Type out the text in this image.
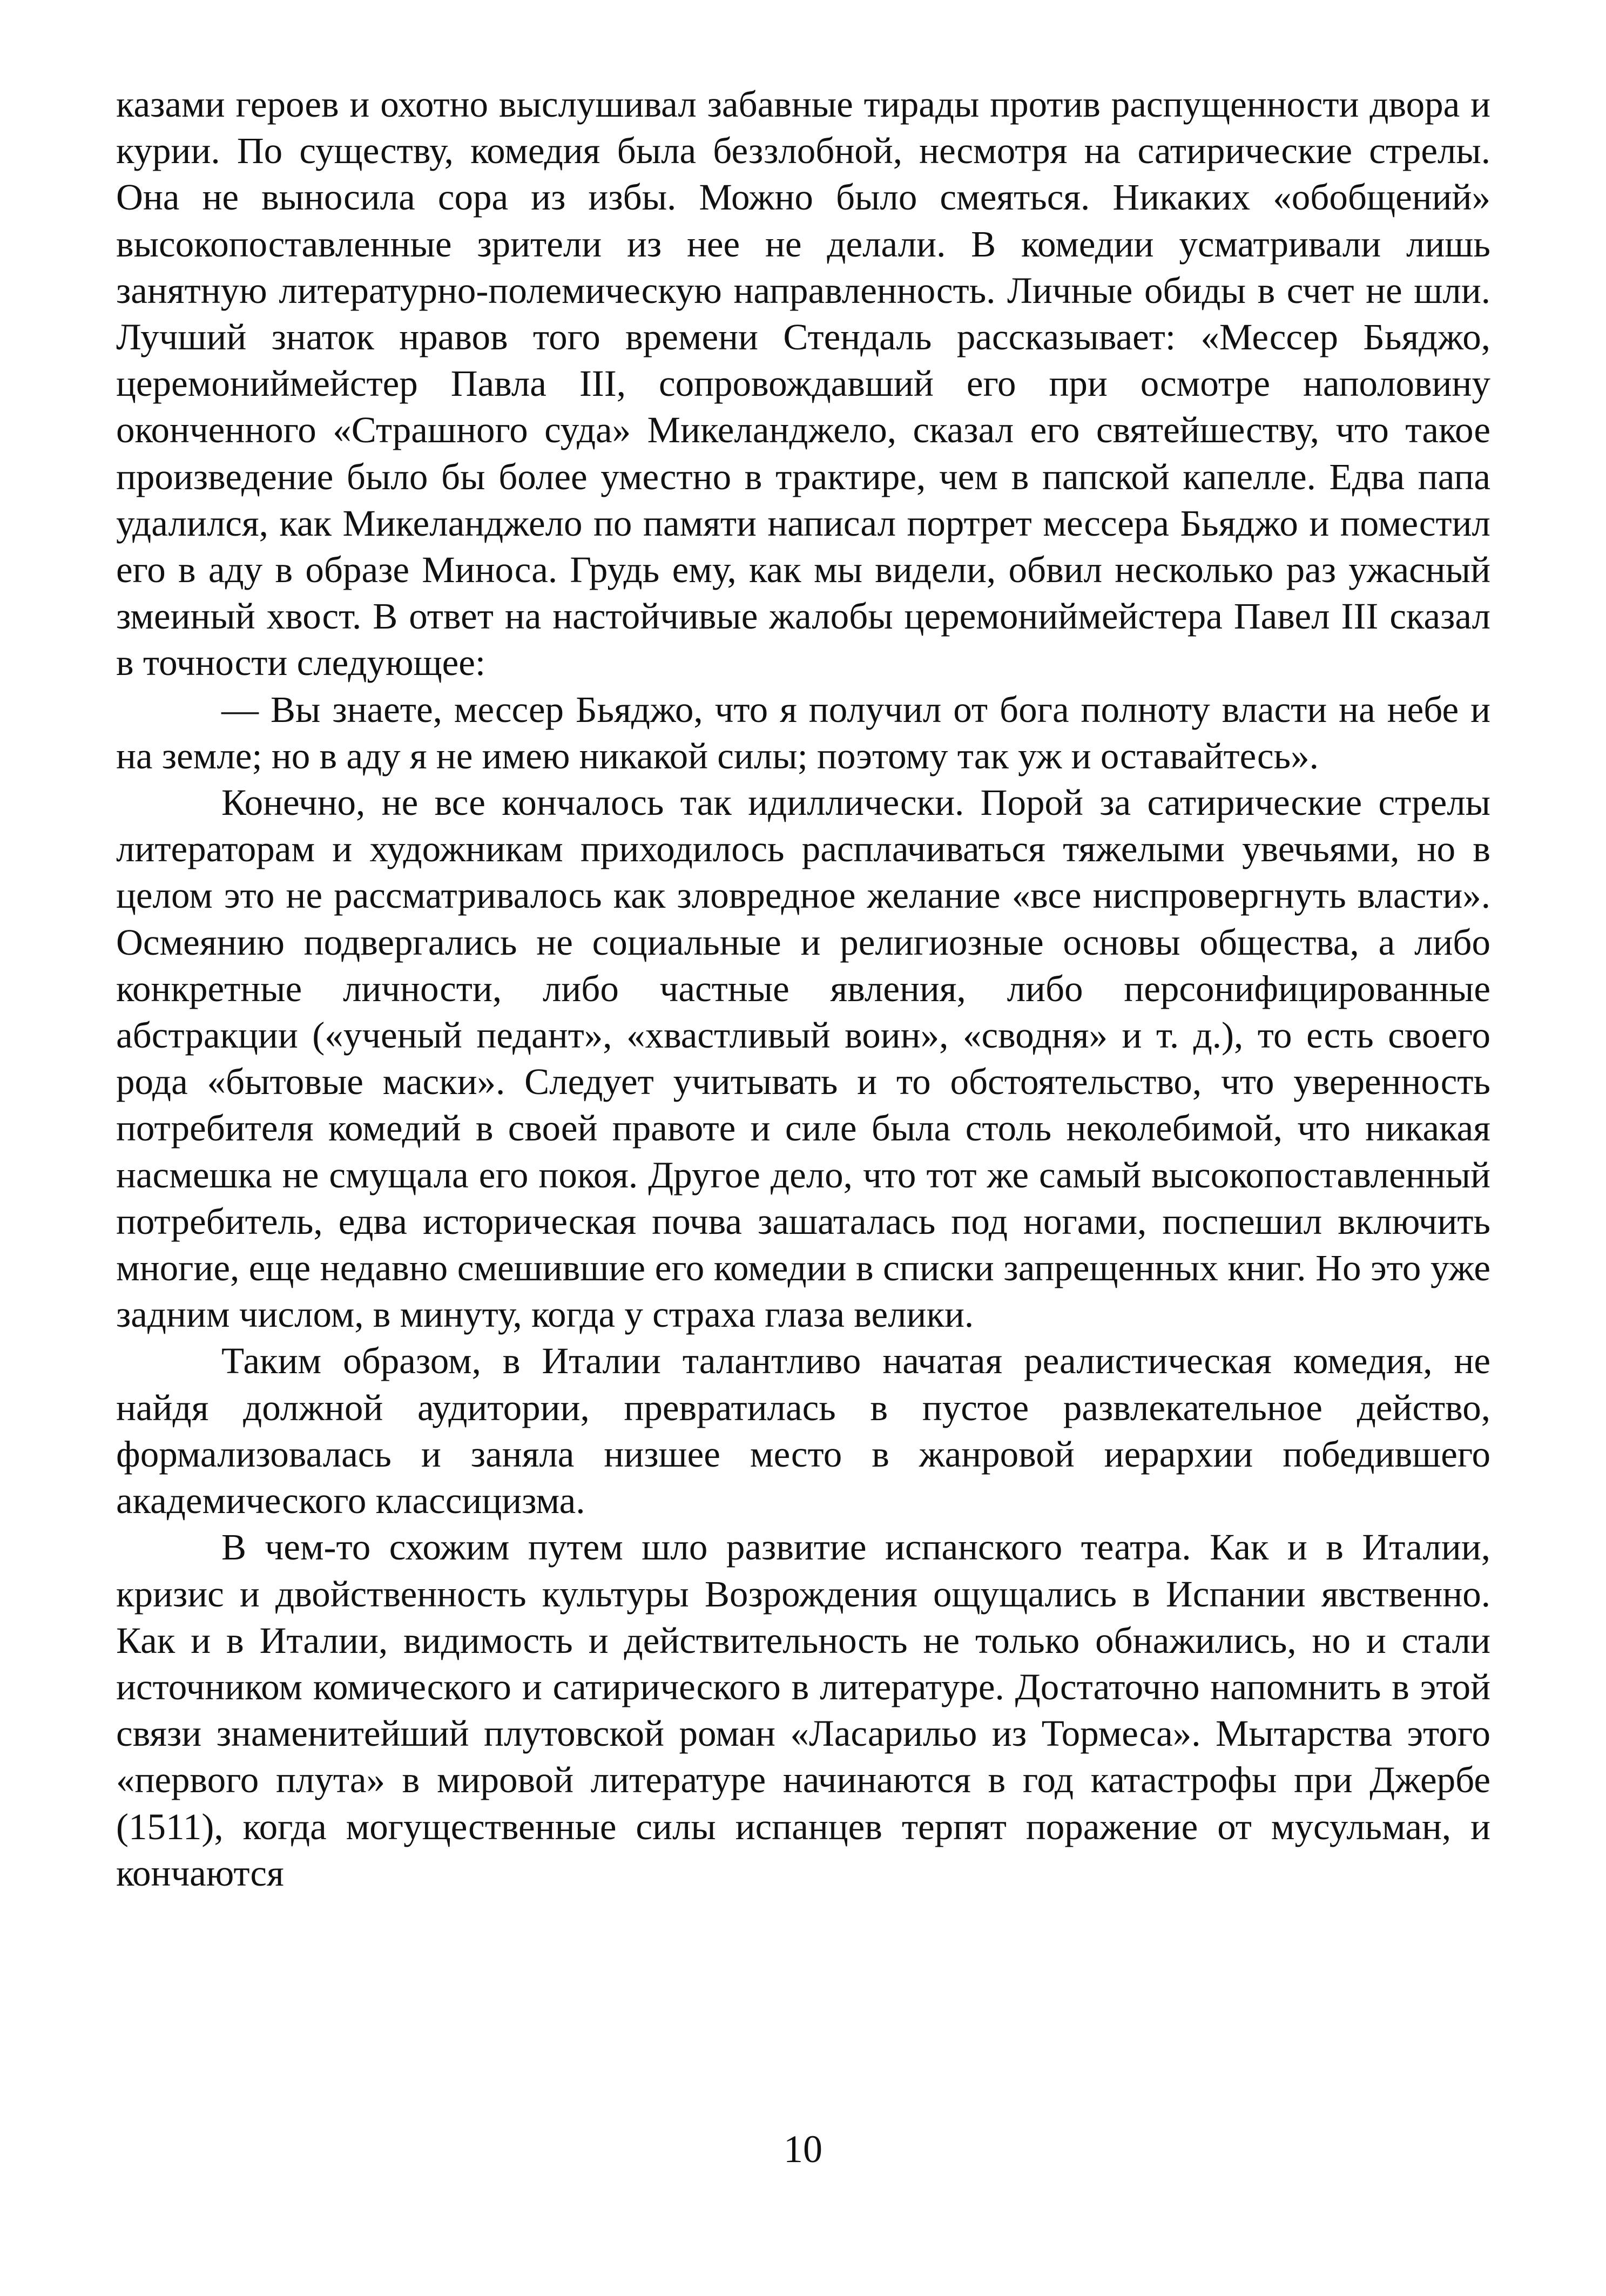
казами героев и охотно выслушивал забавные тирады против распущенности двора и курии. По существу, комедия была беззлобной, несмотря на сатирические стрелы. Она не выносила сора из избы. Можно было смеяться. Никаких «обобщений» высокопоставленные зрители из нее не делали. В комедии усматривали лишь занятную литературно-полемическую направленность. Личные обиды в счет не шли. Лучший знаток нравов того времени Стендаль рассказывает: «Мессер Бьяджо, церемониймейстер Павла III, сопровождавший его при осмотре наполовину оконченного «Страшного суда» Микеланджело, сказал его святейшеству, что такое произведение было бы более уместно в трактире, чем в папской капелле. Едва папа удалился, как Микеланджело по памяти написал портрет мессера Бьяджо и поместил его в аду в образе Миноса. Грудь ему, как мы видели, обвил несколько раз ужасный змеиный хвост. В ответ на настойчивые жалобы церемониймейстера Павел III сказал в точности следующее:

— Вы знаете, мессер Бьяджо, что я получил от бога полноту власти на небе и на земле; но в аду я не имею никакой силы; поэтому так уж и оставайтесь».

Конечно, не все кончалось так идиллически. Порой за сатирические стрелы литераторам и художникам приходилось расплачиваться тяжелыми увечьями, но в целом это не рассматривалось как зловредное желание «все ниспровергнуть власти». Осмеянию подвергались не социальные и религиозные основы общества, а либо конкретные личности, либо частные явления, либо персонифицированные абстракции («ученый педант», «хвастливый воин», «сводня» и т. д.), то есть своего рода «бытовые маски». Следует учитывать и то обстоятельство, что уверенность потребителя комедий в своей правоте и силе была столь неколебимой, что никакая насмешка не смущала его покоя. Другое дело, что тот же самый высокопоставленный потребитель, едва историческая почва зашаталась под ногами, поспешил включить многие, еще недавно смешившие его комедии в списки запрещенных книг. Но это уже задним числом, в минуту, когда у страха глаза велики.

Таким образом, в Италии талантливо начатая реалистическая комедия, не найдя должной аудитории, превратилась в пустое развлекательное действо, формализовалась и заняла низшее место в жанровой иерархии победившего академического классицизма.

В чем-то схожим путем шло развитие испанского театра. Как и в Италии, кризис и двойственность культуры Возрождения ощущались в Испании явственно. Как и в Италии, видимость и действительность не только обнажились, но и стали источником комического и сатирического в литературе. Достаточно напомнить в этой связи знаменитейший плутовской роман «Ласарильо из Тормеса». Мытарства этого «первого плута» в мировой литературе начинаются в год катастрофы при Джербе (1511), когда могущественные силы испанцев терпят поражение от мусульман, и кончаются

10
